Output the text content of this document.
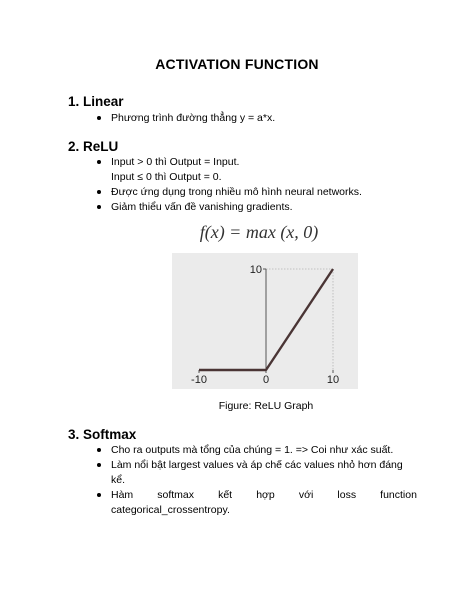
ACTIVATION FUNCTION
1. Linear
Phương trình đường thẳng y = a*x.
2. ReLU
Input > 0 thì Output = Input.
Input ≤ 0 thì Output = 0.
Được ứng dụng trong nhiều mô hình neural networks.
Giảm thiểu vấn đề vanishing gradients.
f(x) = max (x, 0)
-10	0	10
10
Figure: ReLU Graph
3. Softmax
Cho ra outputs mà tổng của chúng = 1. => Coi như xác suất.
Làm nổi bật largest values và áp chế các values nhỏ hơn đáng
kể.
Hàm softmax kết hợp với loss function
categorical_crossentropy.
